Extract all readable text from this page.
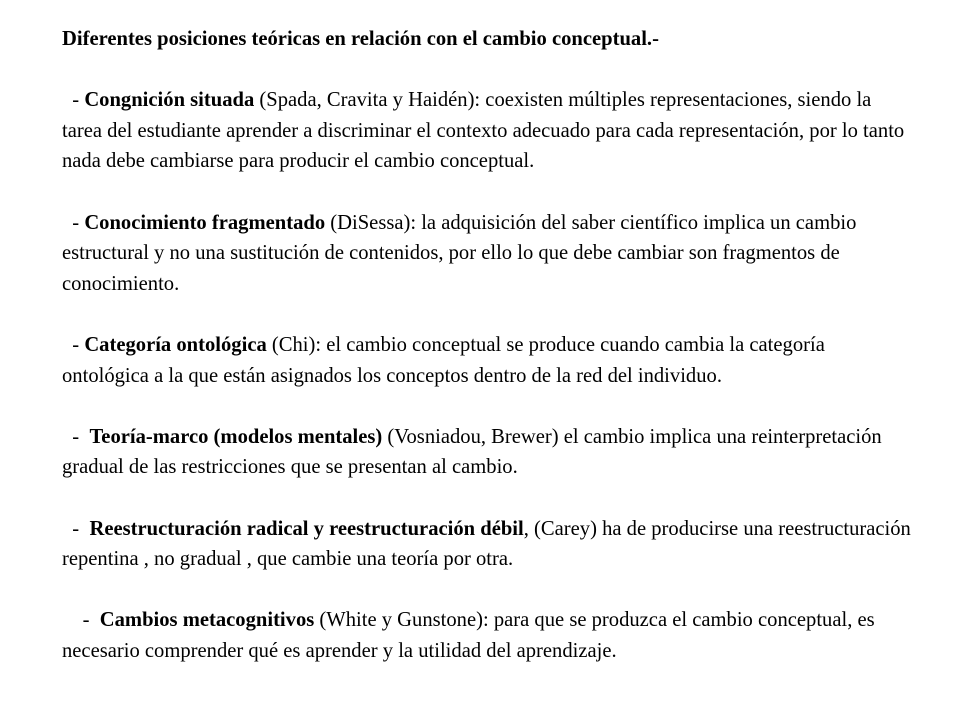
Diferentes posiciones teóricas en relación con el cambio conceptual.-
- Congnición situada (Spada, Cravita y Haidén): coexisten múltiples representaciones, siendo la tarea del estudiante aprender a discriminar el contexto adecuado para cada representación, por lo tanto nada debe cambiarse para producir el cambio conceptual.
- Conocimiento fragmentado (DiSessa): la adquisición del saber científico implica un cambio estructural y no una sustitución de contenidos, por ello lo que debe cambiar son fragmentos de conocimiento.
- Categoría ontológica (Chi): el cambio conceptual se produce cuando cambia la categoría ontológica a la que están asignados los conceptos dentro de la red del individuo.
-  Teoría-marco (modelos mentales) (Vosniadou, Brewer) el cambio implica una reinterpretación gradual de las restricciones que se presentan al cambio.
-  Reestructuración radical y reestructuración débil, (Carey) ha de producirse una reestructuración repentina , no gradual , que cambie una teoría por otra.
-  Cambios metacognitivos (White y Gunstone): para que se produzca el cambio conceptual, es necesario comprender qué es aprender y la utilidad del aprendizaje.
